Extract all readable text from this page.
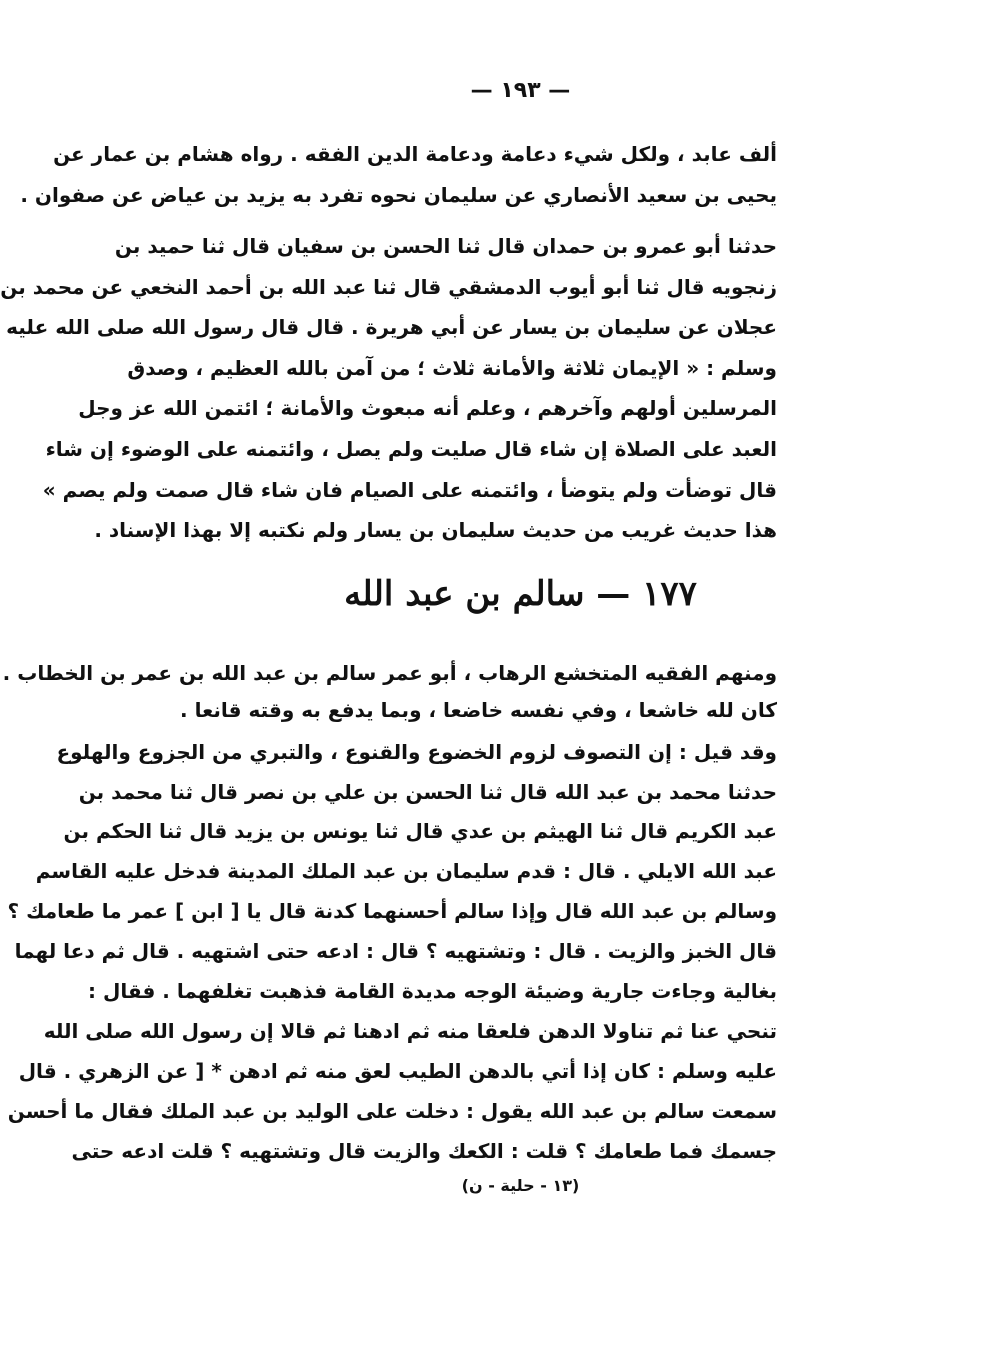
— ١٩٣ —
ألف عابد ، ولكل شيء دعامة ودعامة الدين الفقه . رواه هشام بن عمار عن
يحيى بن سعيد الأنصاري عن سليمان نحوه تفرد به يزيد بن عياض عن صفوان .
حدثنا أبو عمرو بن حمدان قال ثنا الحسن بن سفيان قال ثنا حميد بن
زنجويه قال ثنا أبو أيوب الدمشقي قال ثنا عبد الله بن أحمد النخعي عن محمد بن
عجلان عن سليمان بن يسار عن أبي هريرة . قال قال رسول الله صلى الله عليه
وسلم : « الإيمان ثلاثة والأمانة ثلاث ؛ من آمن بالله العظيم ، وصدق
المرسلين أولهم وآخرهم ، وعلم أنه مبعوث والأمانة ؛ ائتمن الله عز وجل
العبد على الصلاة إن شاء قال صليت ولم يصل ، وائتمنه على الوضوء إن شاء
قال توضأت ولم يتوضأ ، وائتمنه على الصيام فان شاء قال صمت ولم يصم »
هذا حديث غريب من حديث سليمان بن يسار ولم نكتبه إلا بهذا الإسناد .
١٧٧ — سالم بن عبد الله
ومنهم الفقيه المتخشع الرهاب ، أبو عمر سالم بن عبد الله بن عمر بن الخطاب .
كان لله خاشعا ، وفي نفسه خاضعا ، وبما يدفع به وقته قانعا .
وقد قيل : إن التصوف لزوم الخضوع والقنوع ، والتبري من الجزوع والهلوع
حدثنا محمد بن عبد الله قال ثنا الحسن بن علي بن نصر قال ثنا محمد بن
عبد الكريم قال ثنا الهيثم بن عدي قال ثنا يونس بن يزيد قال ثنا الحكم بن
عبد الله الايلي . قال : قدم سليمان بن عبد الملك المدينة فدخل عليه القاسم
وسالم بن عبد الله قال وإذا سالم أحسنهما كدنة قال يا [ ابن ] عمر ما طعامك ؟
قال الخبز والزيت . قال : وتشتهيه ؟ قال : ادعه حتى اشتهيه . قال ثم دعا لهما
بغالية وجاءت جارية وضيئة الوجه مديدة القامة فذهبت تغلفهما . فقال :
تنحي عنا ثم تناولا الدهن فلعقا منه ثم ادهنا ثم قالا إن رسول الله صلى الله
عليه وسلم : كان إذا أتي بالدهن الطيب لعق منه ثم ادهن * [ عن الزهري . قال
سمعت سالم بن عبد الله يقول : دخلت على الوليد بن عبد الملك فقال ما أحسن
جسمك فما طعامك ؟ قلت : الكعك والزيت قال وتشتهيه ؟ قلت ادعه حتى
(١٣ - حلية - ن)
